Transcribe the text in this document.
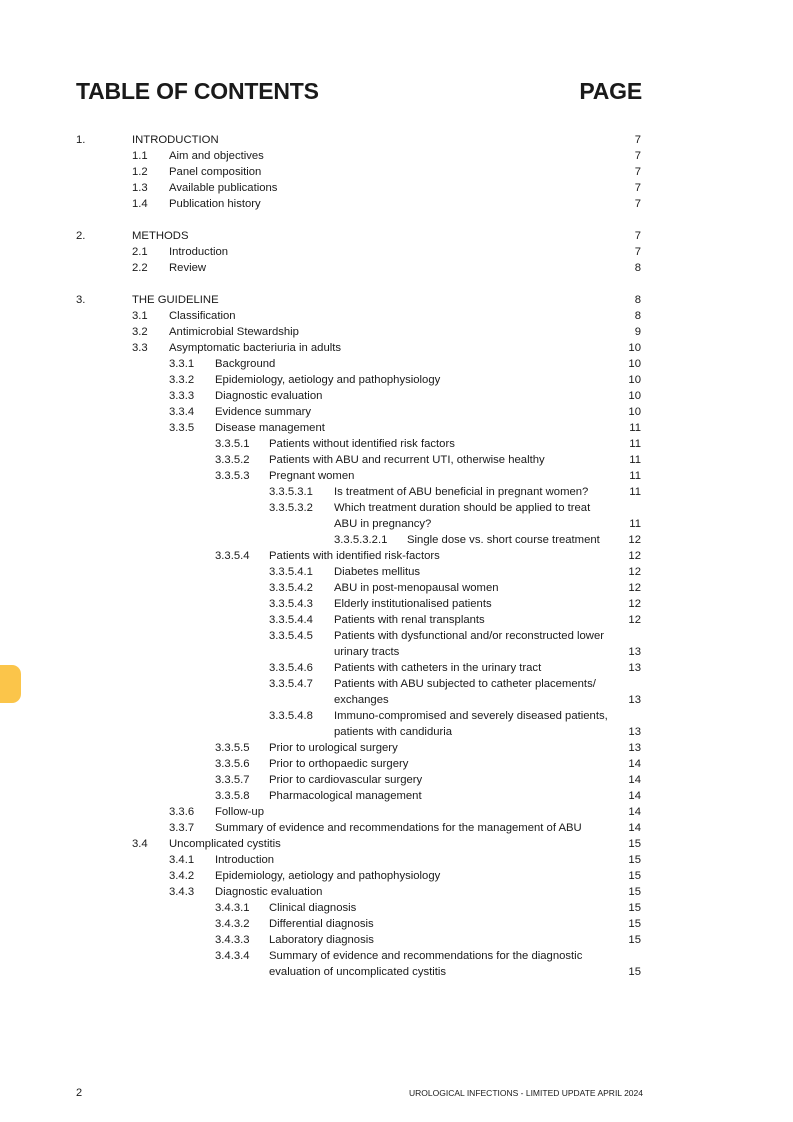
TABLE OF CONTENTS	PAGE
1.	INTRODUCTION	7
1.1 Aim and objectives	7
1.2 Panel composition	7
1.3 Available publications	7
1.4 Publication history	7
2.	METHODS	7
2.1 Introduction	7
2.2 Review	8
3.	THE GUIDELINE	8
3.1 Classification	8
3.2 Antimicrobial Stewardship	9
3.3 Asymptomatic bacteriuria in adults	10
3.3.1 Background	10
3.3.2 Epidemiology, aetiology and pathophysiology	10
3.3.3 Diagnostic evaluation	10
3.3.4 Evidence summary	10
3.3.5 Disease management	11
3.3.5.1 Patients without identified risk factors	11
3.3.5.2 Patients with ABU and recurrent UTI, otherwise healthy	11
3.3.5.3 Pregnant women	11
3.3.5.3.1 Is treatment of ABU beneficial in pregnant women?	11
3.3.5.3.2 Which treatment duration should be applied to treat
ABU in pregnancy?	11
3.3.5.3.2.1 Single dose vs. short course treatment	12
3.3.5.4 Patients with identified risk-factors	12
3.3.5.4.1 Diabetes mellitus	12
3.3.5.4.2 ABU in post-menopausal women	12
3.3.5.4.3 Elderly institutionalised patients	12
3.3.5.4.4 Patients with renal transplants	12
3.3.5.4.5 Patients with dysfunctional and/or reconstructed lower
urinary tracts	13
3.3.5.4.6 Patients with catheters in the urinary tract	13
3.3.5.4.7 Patients with ABU subjected to catheter placements/
exchanges	13
3.3.5.4.8 Immuno-compromised and severely diseased patients,
patients with candiduria	13
3.3.5.5 Prior to urological surgery	13
3.3.5.6 Prior to orthopaedic surgery	14
3.3.5.7 Prior to cardiovascular surgery	14
3.3.5.8 Pharmacological management	14
3.3.6 Follow-up	14
3.3.7 Summary of evidence and recommendations for the management of ABU	14
3.4 Uncomplicated cystitis	15
3.4.1 Introduction	15
3.4.2 Epidemiology, aetiology and pathophysiology	15
3.4.3 Diagnostic evaluation	15
3.4.3.1 Clinical diagnosis	15
3.4.3.2 Differential diagnosis	15
3.4.3.3 Laboratory diagnosis	15
3.4.3.4 Summary of evidence and recommendations for the diagnostic
evaluation of uncomplicated cystitis	15
2	UROLOGICAL INFECTIONS - LIMITED UPDATE APRIL 2024
